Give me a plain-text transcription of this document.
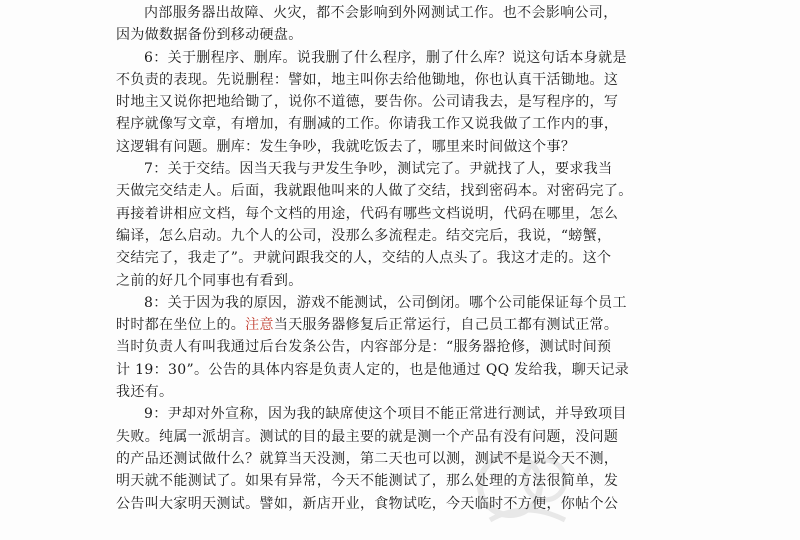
内部服务器出故障、火灾，都不会影响到外网测试工作。也不会影响公司，
因为做数据备份到移动硬盘。
6：关于删程序、删库。说我删了什么程序，删了什么库？说这句话本身就是
不负责的表现。先说删程：譬如，地主叫你去给他锄地，你也认真干活锄地。这
时地主又说你把地给锄了，说你不道德，要告你。公司请我去，是写程序的，写
程序就像写文章，有增加，有删减的工作。你请我工作又说我做了工作内的事，
这逻辑有问题。删库：发生争吵，我就吃饭去了，哪里来时间做这个事？
7：关于交结。因当天我与尹发生争吵，测试完了。尹就找了人，要求我当
天做完交结走人。后面，我就跟他叫来的人做了交结，找到密码本。对密码完了。
再接着讲相应文档，每个文档的用途，代码有哪些文档说明，代码在哪里，怎么
编译，怎么启动。九个人的公司，没那么多流程走。结交完后，我说，“螃蟹，
交结完了，我走了”。尹就问跟我交的人，交结的人点头了。我这才走的。这个
之前的好几个同事也有看到。
8：关于因为我的原因，游戏不能测试，公司倒闭。哪个公司能保证每个员工
时时都在坐位上的。注意当天服务器修复后正常运行，自己员工都有测试正常。
当时负责人有叫我通过后台发条公告，内容部分是：“服务器抢修，测试时间预
计 19：30”。公告的具体内容是负责人定的，也是他通过 QQ 发给我，聊天记录
我还有。
9：尹却对外宣称，因为我的缺席使这个项目不能正常进行测试，并导致项目
失败。纯属一派胡言。测试的目的最主要的就是测一个产品有没有问题，没问题
的产品还测试做什么？就算当天没测，第二天也可以测，测试不是说今天不测，
明天就不能测试了。如果有异常，今天不能测试了，那么处理的方法很简单，发
公告叫大家明天测试。譬如，新店开业，食物试吃，今天临时不方便，你帖个公
